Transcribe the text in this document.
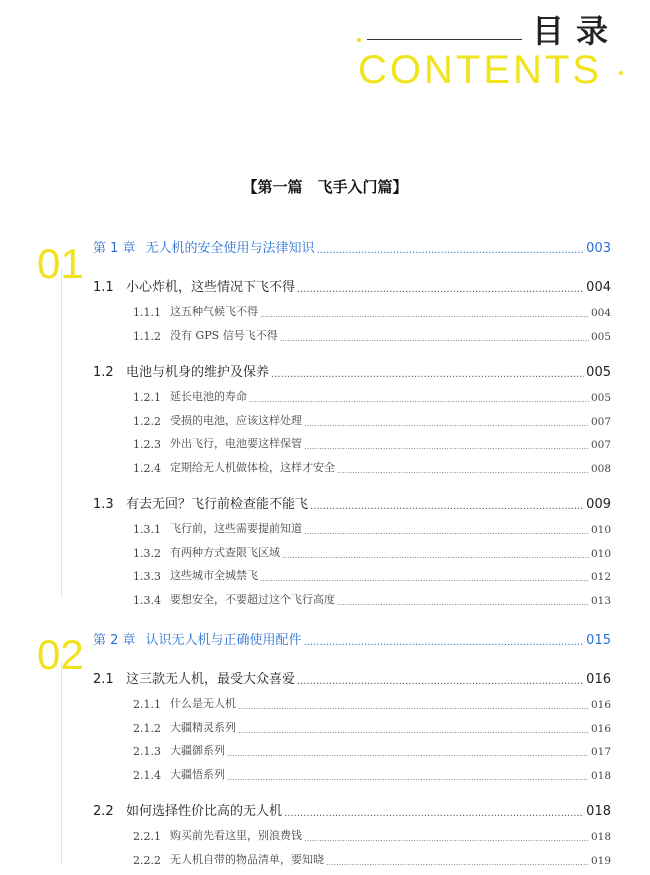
目录
CONTENTS
【第一篇　飞手入门篇】
01 第 1 章 无人机的安全使用与法律知识 .....	003
1.1 小心炸机，这些情况下飞不得 .....	004
1.1.1 这五种气候飞不得 .....	004
1.1.2 没有 GPS 信号飞不得 .....	005
1.2 电池与机身的维护及保养 .....	005
1.2.1 延长电池的寿命 .....	005
1.2.2 受损的电池，应该这样处理 .....	007
1.2.3 外出飞行，电池要这样保管 .....	007
1.2.4 定期给无人机做体检，这样才安全 .....	008
1.3 有去无回？飞行前检查能不能飞 .....	009
1.3.1 飞行前，这些需要提前知道 .....	010
1.3.2 有两种方式查限飞区域 .....	010
1.3.3 这些城市全城禁飞 .....	012
1.3.4 要想安全，不要超过这个飞行高度 .....	013
02 第 2 章 认识无人机与正确使用配件 .....	015
2.1 这三款无人机，最受大众喜爱 .....	016
2.1.1 什么是无人机 .....	016
2.1.2 大疆精灵系列 .....	016
2.1.3 大疆御系列 .....	017
2.1.4 大疆悟系列 .....	018
2.2 如何选择性价比高的无人机 .....	018
2.2.1 购买前先看这里，别浪费钱 .....	018
2.2.2 无人机自带的物品清单，要知晓 .....	019
